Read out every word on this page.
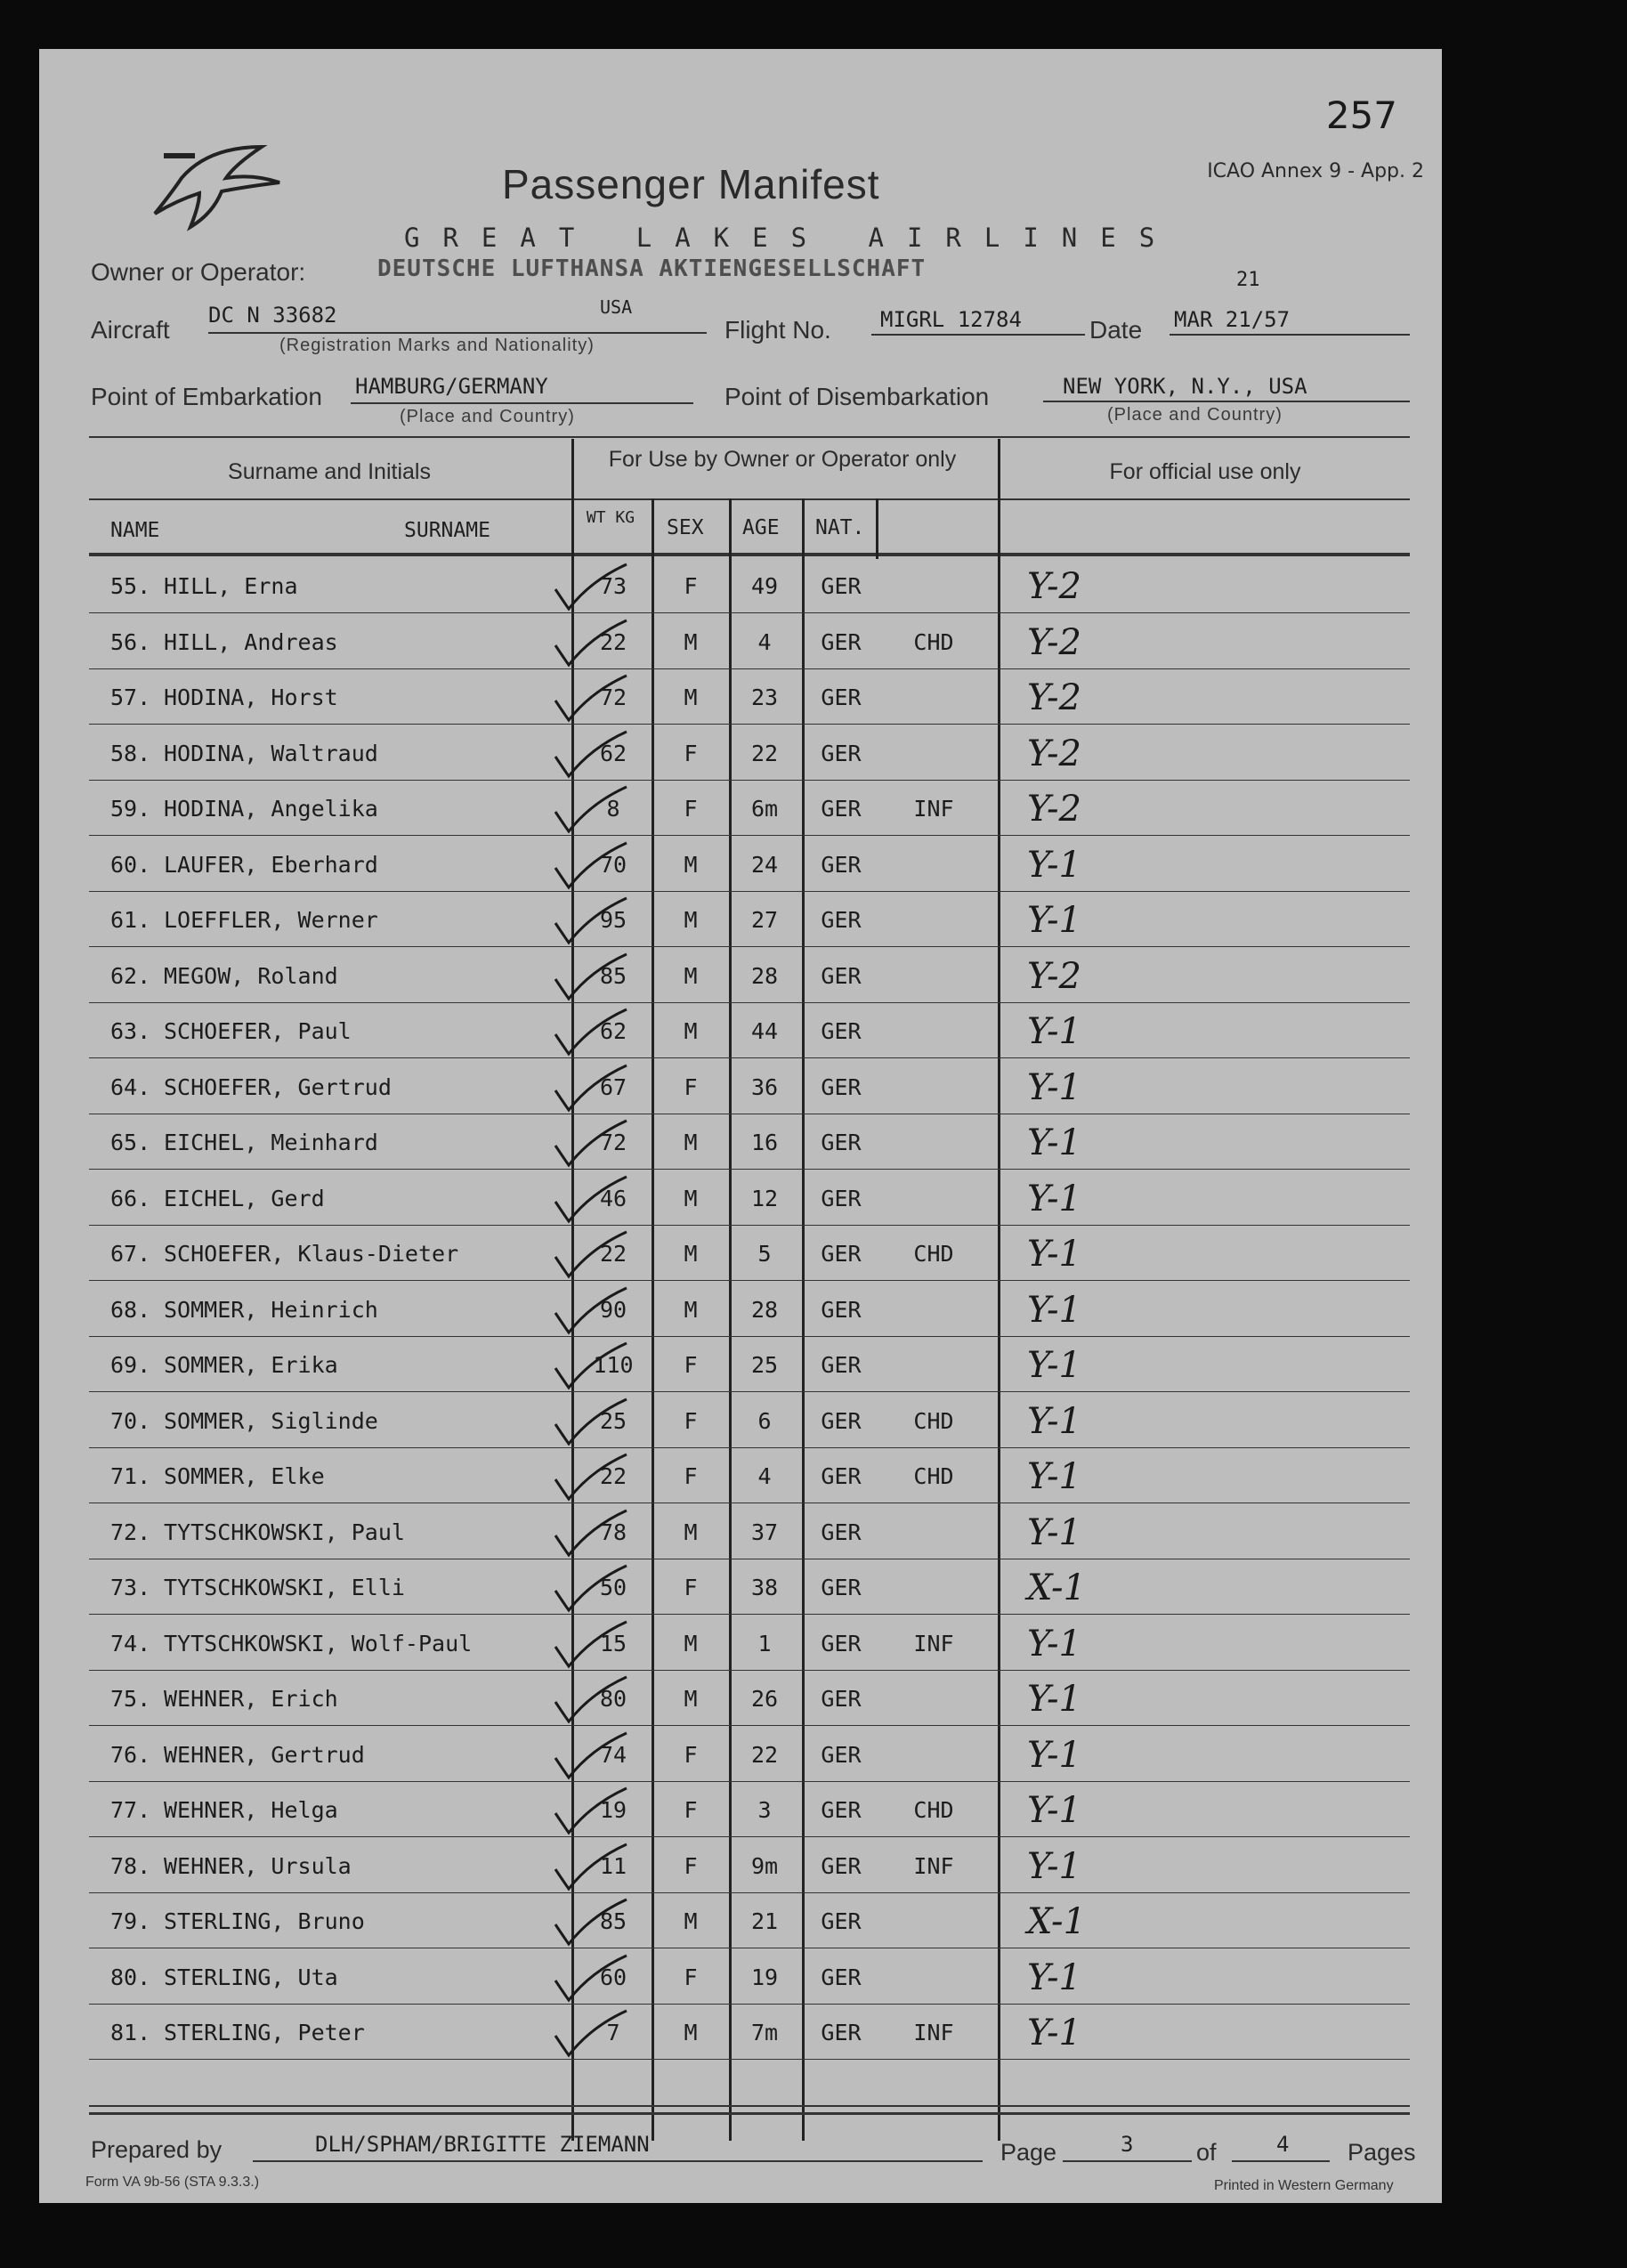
257
ICAO Annex 9 - App. 2
Passenger Manifest
GREAT LAKES AIRLINES
Owner or Operator:	DEUTSCHE LUFTHANSA AKTIENGESELLSCHAFT	21
Aircraft
DC N 33682	USA
(Registration Marks and Nationality)
Flight No. MIGRL 12784	Date MAR 21/57
Point of Embarkation HAMBURG/GERMANY
(Place and Country)
Point of Disembarkation	NEW YORK, N.Y., USA
(Place and Country)
Surname and Initials	For Use by Owner or Operator only	For official use only
NAME	SURNAME
WT KG SEX AGE NAT.
55. HILL, Erna	73	F	49	GER	Y-2
56. HILL, Andreas	22	M	4	GER	CHD	Y-2
57. HODINA, Horst	72	M	23	GER	Y-2
58. HODINA, Waltraud	62	F	22	GER	Y-2
59. HODINA, Angelika	8	F	6m	GER	INF	Y-2
60. LAUFER, Eberhard	70	M	24	GER	Y-1
61. LOEFFLER, Werner	95	M	27	GER	Y-1
62. MEGOW, Roland	85	M	28	GER	Y-2
63. SCHOEFER, Paul	62	M	44	GER	Y-1
64. SCHOEFER, Gertrud	67	F	36	GER	Y-1
65. EICHEL, Meinhard	72	M	16	GER	Y-1
66. EICHEL, Gerd	46	M	12	GER	Y-1
67. SCHOEFER, Klaus-Dieter	22	M	5	GER	CHD	Y-1
68. SOMMER, Heinrich	90	M	28	GER	Y-1
69. SOMMER, Erika	110	F	25	GER	Y-1
70. SOMMER, Siglinde	25	F	6	GER	CHD	Y-1
71. SOMMER, Elke	22	F	4	GER	CHD	Y-1
72. TYTSCHKOWSKI, Paul	78	M	37	GER	Y-1
73. TYTSCHKOWSKI, Elli	50	F	38	GER	X-1
74. TYTSCHKOWSKI, Wolf-Paul	15	M	1	GER	INF	Y-1
75. WEHNER, Erich	80	M	26	GER	Y-1
76. WEHNER, Gertrud	74	F	22	GER	Y-1
77. WEHNER, Helga	19	F	3	GER	CHD	Y-1
78. WEHNER, Ursula	11	F	9m	GER	INF	Y-1
79. STERLING, Bruno	85	M	21	GER	X-1
80. STERLING, Uta	60	F	19	GER	Y-1
81. STERLING, Peter	7	M	7m	GER	INF	Y-1
Prepared by	DLH/SPHAM/BRIGITTE ZIEMANN	Page	3	of	4 Pages
Form VA 9b-56 (STA 9.3.3.)	Printed in Western Germany
